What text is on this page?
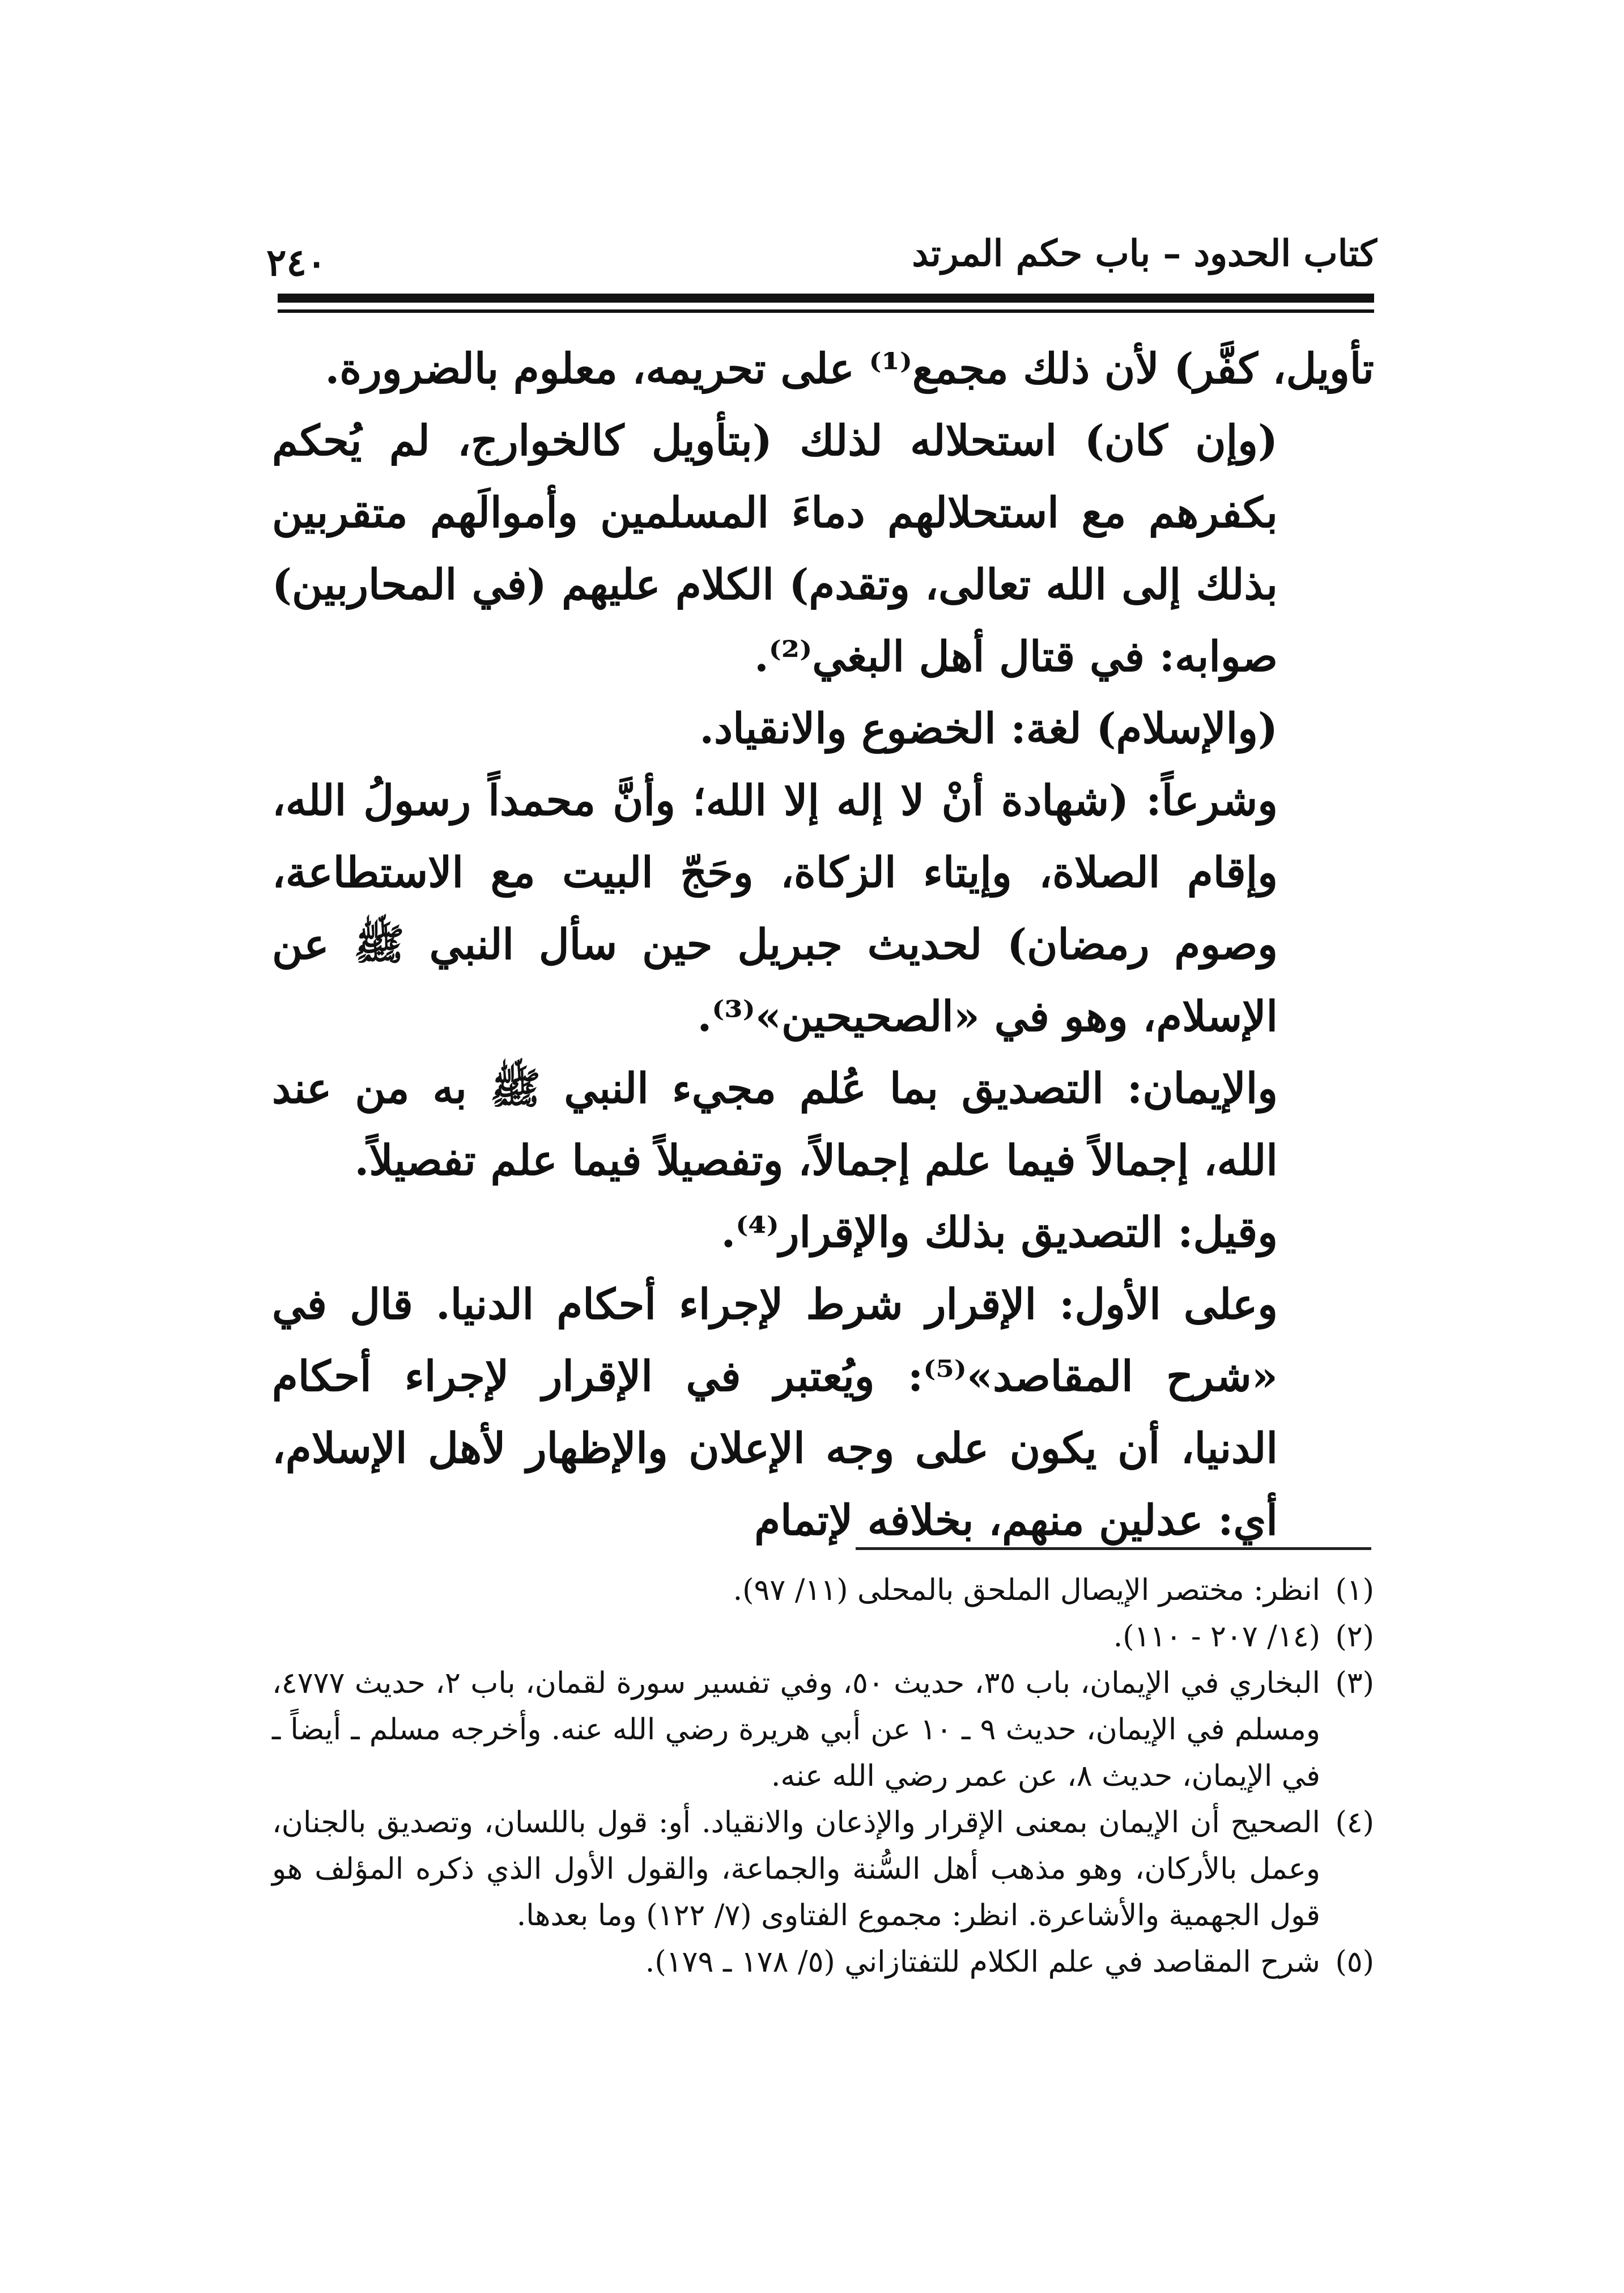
كتاب الحدود – باب حكم المرتد
٢٤٠

تأويل، كفَّر) لأن ذلك مجمع⁽¹⁾ على تحريمه، معلوم بالضرورة.

(وإن كان) استحلاله لذلك (بتأويل كالخوارج، لم يُحكم بكفرهم مع استحلالهم دماءَ المسلمين وأموالَهم متقربين بذلك إلى الله تعالى، وتقدم) الكلام عليهم (في المحاربين) صوابه: في قتال أهل البغي⁽²⁾.

(والإسلام) لغة: الخضوع والانقياد.

وشرعاً: (شهادة أنْ لا إله إلا الله؛ وأنَّ محمداً رسولُ الله، وإقام الصلاة، وإيتاء الزكاة، وحَجّ البيت مع الاستطاعة، وصوم رمضان) لحديث جبريل حين سأل النبي ﷺ عن الإسلام، وهو في «الصحيحين»⁽³⁾.

والإيمان: التصديق بما عُلم مجيء النبي ﷺ به من عند الله، إجمالاً فيما علم إجمالاً، وتفصيلاً فيما علم تفصيلاً.

وقيل: التصديق بذلك والإقرار⁽⁴⁾.

وعلى الأول: الإقرار شرط لإجراء أحكام الدنيا. قال في «شرح المقاصد»⁽⁵⁾: ويُعتبر في الإقرار لإجراء أحكام الدنيا، أن يكون على وجه الإعلان والإظهار لأهل الإسلام، أي: عدلين منهم، بخلافه لإتمام

(١)
انظر: مختصر الإيصال الملحق بالمحلى (١١/ ٩٧).

(٢)
(١٤/ ٢٠٧ - ١١٠).

(٣)
البخاري في الإيمان، باب ٣٥، حديث ٥٠، وفي تفسير سورة لقمان، باب ٢، حديث ٤٧٧٧، ومسلم في الإيمان، حديث ٩ ـ ١٠ عن أبي هريرة رضي الله عنه. وأخرجه مسلم ـ أيضاً ـ في الإيمان، حديث ٨، عن عمر رضي الله عنه.

(٤)
الصحيح أن الإيمان بمعنى الإقرار والإذعان والانقياد. أو: قول باللسان، وتصديق بالجنان، وعمل بالأركان، وهو مذهب أهل السُّنة والجماعة، والقول الأول الذي ذكره المؤلف هو قول الجهمية والأشاعرة. انظر: مجموع الفتاوى (٧/ ١٢٢) وما بعدها.

(٥)
شرح المقاصد في علم الكلام للتفتازاني (٥/ ١٧٨ ـ ١٧٩).
